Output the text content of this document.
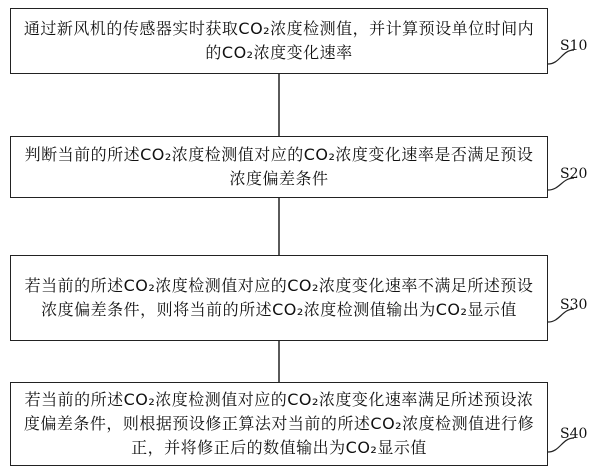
通过新风机的传感器实时获取CO₂浓度检测值，并计算预设单位时间内的CO₂浓度变化速率	S10
判断当前的所述CO₂浓度检测值对应的CO₂浓度变化速率是否满足预设浓度偏差条件	S20
若当前的所述CO₂浓度检测值对应的CO₂浓度变化速率不满足所述预设浓度偏差条件，则将当前的所述CO₂浓度检测值输出为CO₂显示值	S30
若当前的所述CO₂浓度检测值对应的CO₂浓度变化速率满足所述预设浓度偏差条件，则根据预设修正算法对当前的所述CO₂浓度检测值进行修正，并将修正后的数值输出为CO₂显示值
S40
